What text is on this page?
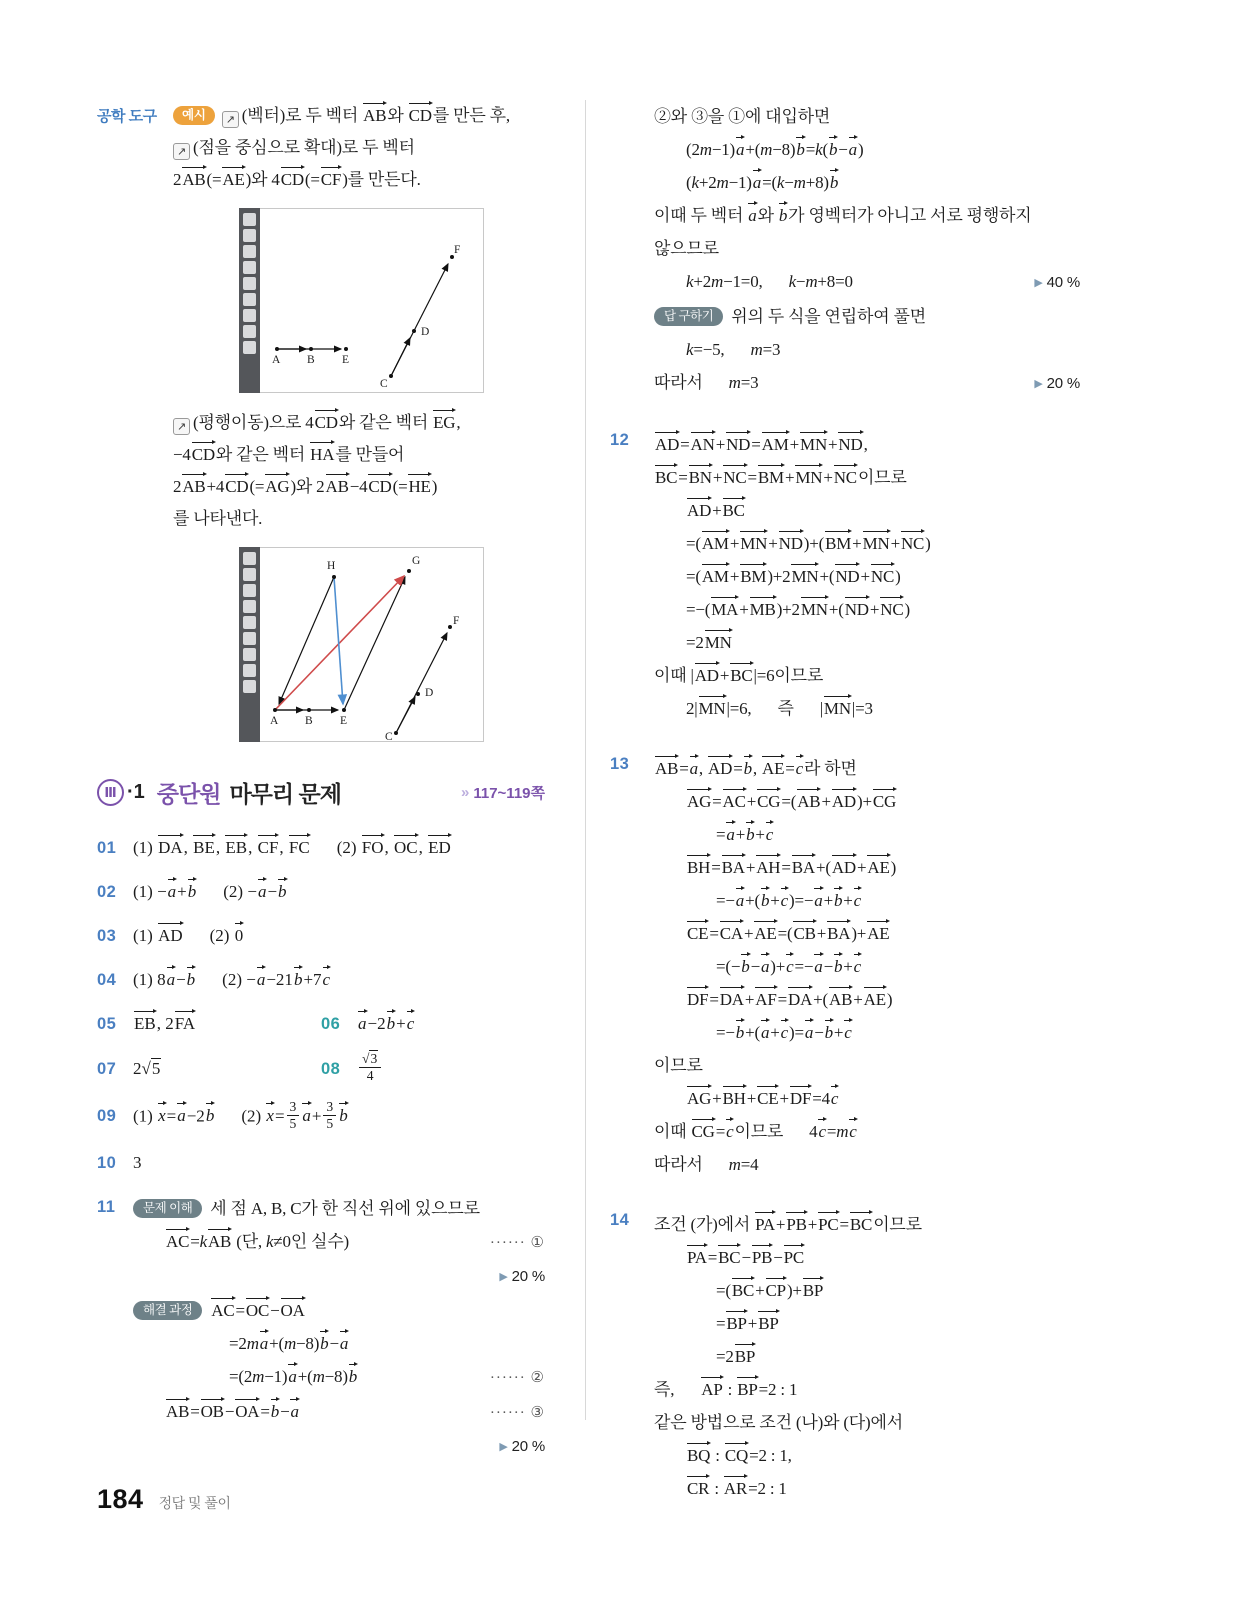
공학 도구	예시 ↗ (벡터)로 두 벡터 AB와 CD를 만든 후,
↗ (점을 중심으로 확대)로 두 벡터
2AB(=AE)와 4CD(=CF)를 만든다.
A B E
C
D
F
↗ (평행이동)으로 4CD와 같은 벡터 EG,
−4CD와 같은 벡터 HA를 만들어
2AB+4CD(=AG)와 2AB−4CD(=HE)
를 나타낸다.
A B E
C
D
F
H	G
Ⅲ ·1 중단원 마무리 문제	» 117~119쪽
01 (1) DA, BE, EB, CF, FC (2) FO, OC, ED
02 (1) −a+b (2) −a−b
03 (1) AD (2) 0
04 (1) 8a−b (2) −a−21b+7c
05	EB, 2FA	06	a−2b+c
07 2√5	08	$\frac{√3}{4}$
09 (1) x=a−2b (2) $x= \frac{3}{5} a+ \frac{3}{5}$ b
10 3
11	문제 이해 세 점 A, B, C가 한 직선 위에 있으므로
AC=kAB (단, k≠0인 실수)	······ ①
▶ 20 %
해결 과정 AC=OC−OA
=2ma+(m−8)b−a
=(2m−1)a+(m−8)b	······ ②
AB=OB−OA=b−a	······ ③
▶ 20 %
②와 ③을 ①에 대입하면
(2m−1)a+(m−8)b=k(b−a)
(k+2m−1)a=(k−m+8)b
이때 두 벡터 a와 b가 영벡터가 아니고 서로 평행하지
않으므로
k+2m−1=0, k−m+8=0	▶ 40 %
답 구하기 위의 두 식을 연립하여 풀면
k=−5, m=3
따라서 m=3	▶ 20 %
12 AD=AN+ND=AM+MN+ND,
BC=BN+NC=BM+MN+NC이므로
AD+BC
=(AM+MN+ND)+(BM+MN+NC)
=(AM+BM)+2MN+(ND+NC)
=−(MA+MB)+2MN+(ND+NC)
=2MN
이때 |AD+BC|=6이므로
2|MN|=6, 즉 |MN|=3
13 AB=a, AD=b, AE=c라 하면
AG=AC+CG=(AB+AD)+CG
=a+b+c
BH=BA+AH=BA+(AD+AE)
=−a+(b+c)=−a+b+c
CE=CA+AE=(CB+BA)+AE
=(−b−a)+c=−a−b+c
DF=DA+AF=DA+(AB+AE)
=−b+(a+c)=a−b+c
이므로
AG+BH+CE+DF=4c
이때 CG=c이므로 4c=mc
따라서 m=4
14 조건 (가)에서 PA+PB+PC=BC이므로
PA=BC−PB−PC
=(BC+CP)+BP
=BP+BP
=2BP
즉, AP : BP=2 : 1
같은 방법으로 조건 (나)와 (다)에서
BQ : CQ=2 : 1,
CR : AR=2 : 1
184 정답 및 풀이
